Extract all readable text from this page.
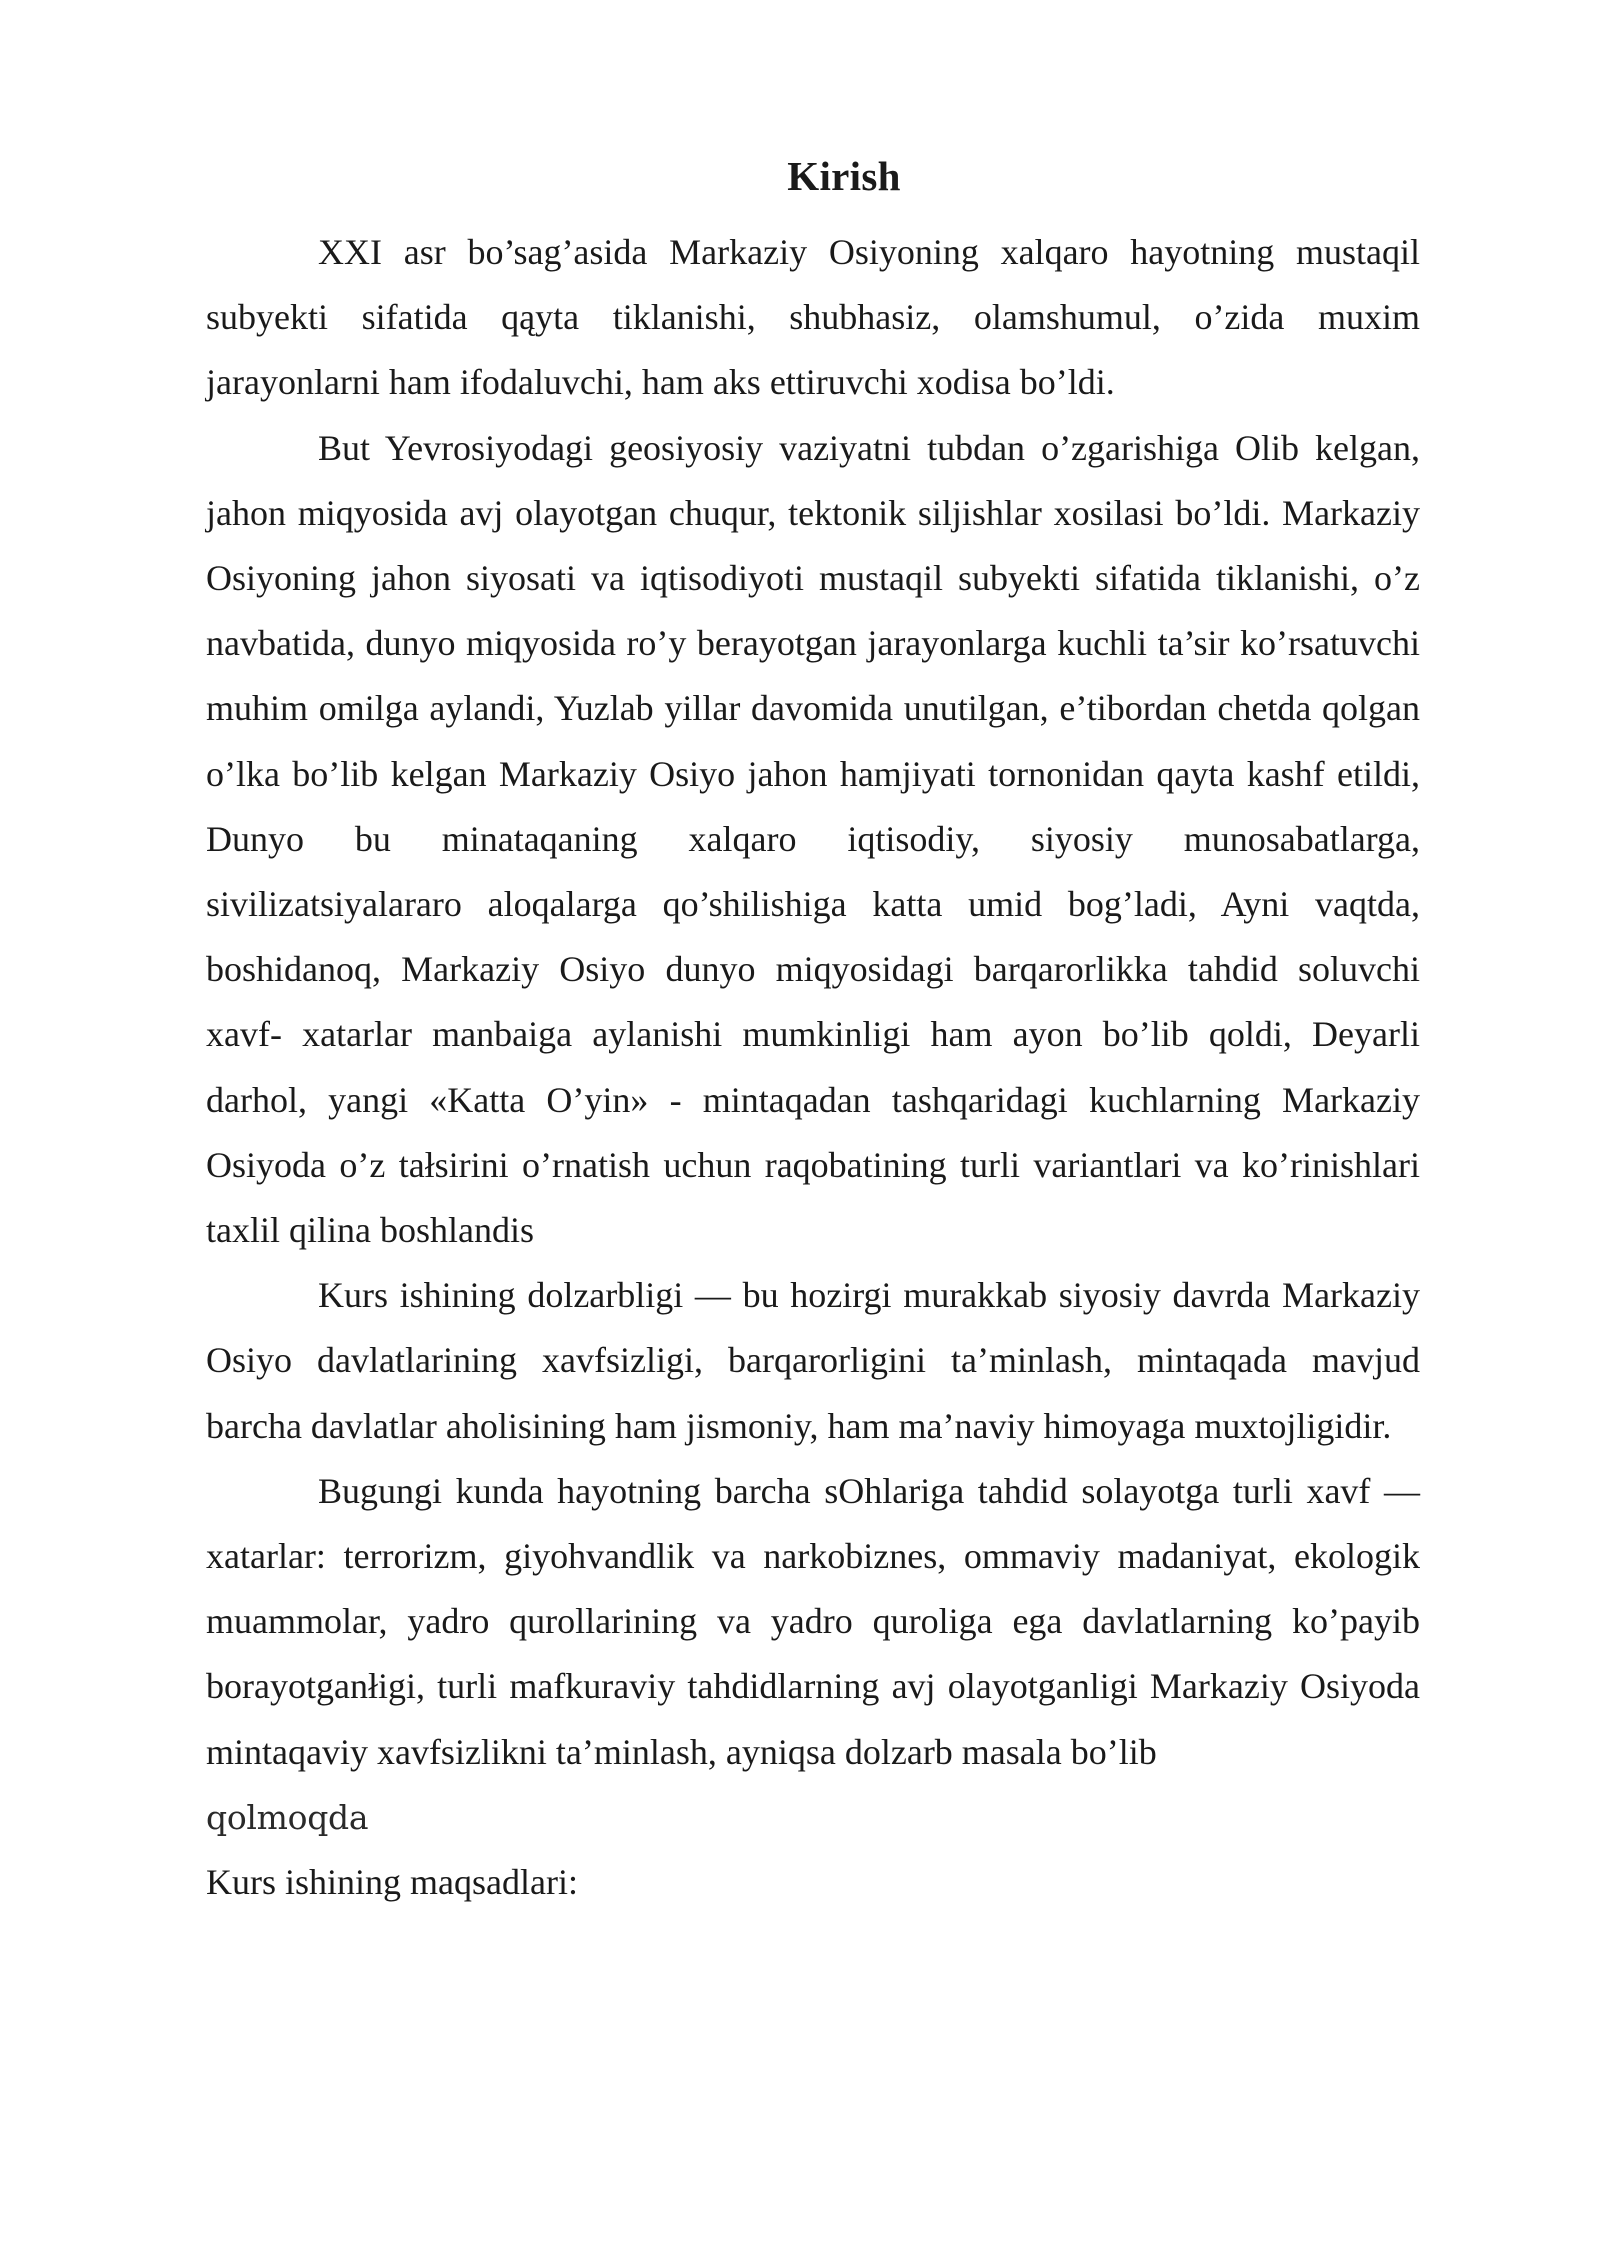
Kirish

XXI asr bo’sag’asida Markaziy Osiyoning xalqaro hayotning mustaqil subyekti sifatida qąyta tiklanishi, shubhasiz, olamshumul, o’zida muxim jarayonlarni ham ifodaluvchi, ham aks ettiruvchi xodisa bo’ldi.

But Yevrosiyodagi geosiyosiy vaziyatni tubdan o’zgarishiga Olib kelgan, jahon miqyosida avj olayotgan chuqur, tektonik siljishlar xosilasi bo’ldi. Markaziy Osiyoning jahon siyosati va iqtisodiyoti mustaqil subyekti sifatida tiklanishi, o’z navbatida, dunyo miqyosida ro’y berayotgan jarayonlarga kuchli ta’sir ko’rsatuvchi muhim omilga aylandi, Yuzlab yillar davomida unutilgan, e’tibordan chetda qolgan o’lka bo’lib kelgan Markaziy Osiyo jahon hamjiyati tornonidan qayta kashf etildi, Dunyo bu minataqaning xalqaro iqtisodiy, siyosiy munosabatlarga, sivilizatsiyalararo aloqalarga qo’shilishiga katta umid bog’ladi, Ayni vaqtda, boshidanoq, Markaziy Osiyo dunyo miqyosidagi barqarorlikka tahdid soluvchi xavf- xatarlar manbaiga aylanishi mumkinligi ham ayon bo’lib qoldi, Deyarli darhol, yangi «Katta O’yin» - mintaqadan tashqaridagi kuchlarning Markaziy Osiyoda o’z tałsirini o’rnatish uchun raqobatining turli variantlari va ko’rinishlari taxlil qilina boshlandis

Kurs ishining dolzarbligi — bu hozirgi murakkab siyosiy davrda Markaziy Osiyo davlatlarining xavfsizligi, barqarorligini ta’minlash, mintaqada mavjud barcha davlatlar aholisining ham jismoniy, ham ma’naviy himoyaga muxtojligidir.

Bugungi kunda hayotning barcha sOhlariga tahdid solayotga turli xavf — xatarlar: terrorizm, giyohvandlik va narkobiznes, ommaviy madaniyat, ekologik muammolar, yadro qurollarining va yadro quroliga ega davlatlarning ko’payib borayotganłigi, turli mafkuraviy tahdidlarning avj olayotganligi Markaziy Osiyoda mintaqaviy xavfsizlikni ta’minlash, ayniqsa dolzarb masala bo’lib

qolmoqda

Kurs ishining maqsadlari:
